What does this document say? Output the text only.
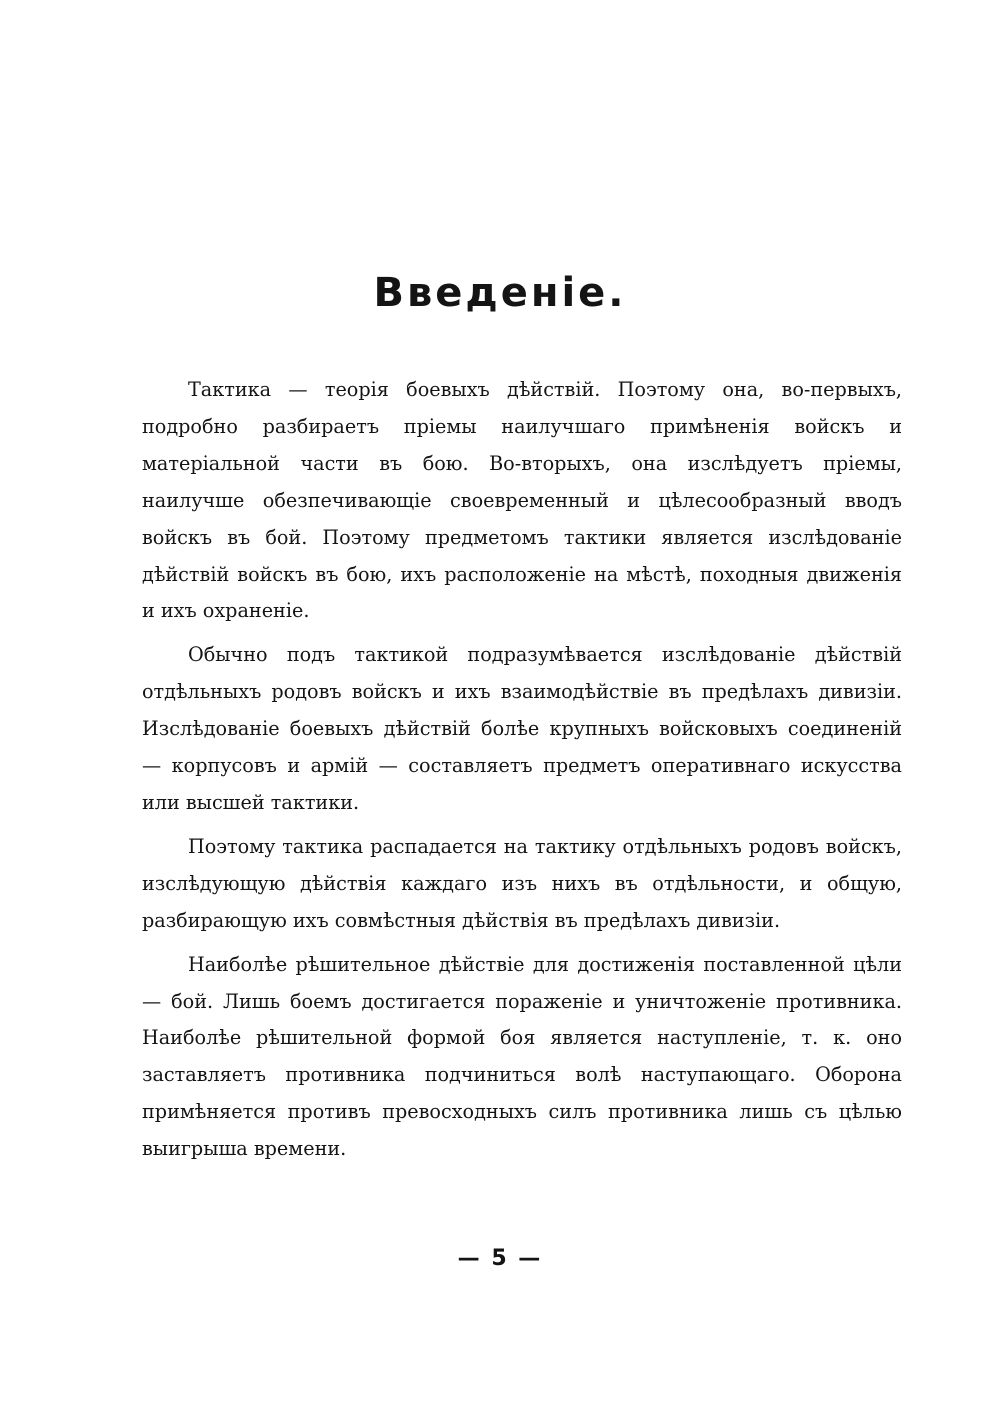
Введеніе.

Тактика — теорія боевыхъ дѣйствій. Поэтому она, во-первыхъ, подробно разбираетъ пріемы наилучшаго примѣненія войскъ и матеріальной части въ бою. Во-вторыхъ, она изслѣдуетъ пріемы, наилучше обезпечивающіе своевременный и цѣлесообразный вводъ войскъ въ бой. Поэтому предметомъ тактики является изслѣдованіе дѣйствій войскъ въ бою, ихъ расположеніе на мѣстѣ, походныя движенія и ихъ охраненіе.

Обычно подъ тактикой подразумѣвается изслѣдованіе дѣйствій отдѣльныхъ родовъ войскъ и ихъ взаимодѣйствіе въ предѣлахъ дивизіи. Изслѣдованіе боевыхъ дѣйствій болѣе крупныхъ войсковыхъ соединеній — корпусовъ и армій — составляетъ предметъ оперативнаго искусства или высшей тактики.

Поэтому тактика распадается на тактику отдѣльныхъ родовъ войскъ, изслѣдующую дѣйствія каждаго изъ нихъ въ отдѣльности, и общую, разбирающую ихъ совмѣстныя дѣйствія въ предѣлахъ дивизіи.

Наиболѣе рѣшительное дѣйствіе для достиженія поставленной цѣли — бой. Лишь боемъ достигается пораженіе и уничтоженіе противника. Наиболѣе рѣшительной формой боя является наступленіе, т. к. оно заставляетъ противника подчиниться волѣ наступающаго. Оборона примѣняется противъ превосходныхъ силъ противника лишь съ цѣлью выигрыша времени.

— 5 —
